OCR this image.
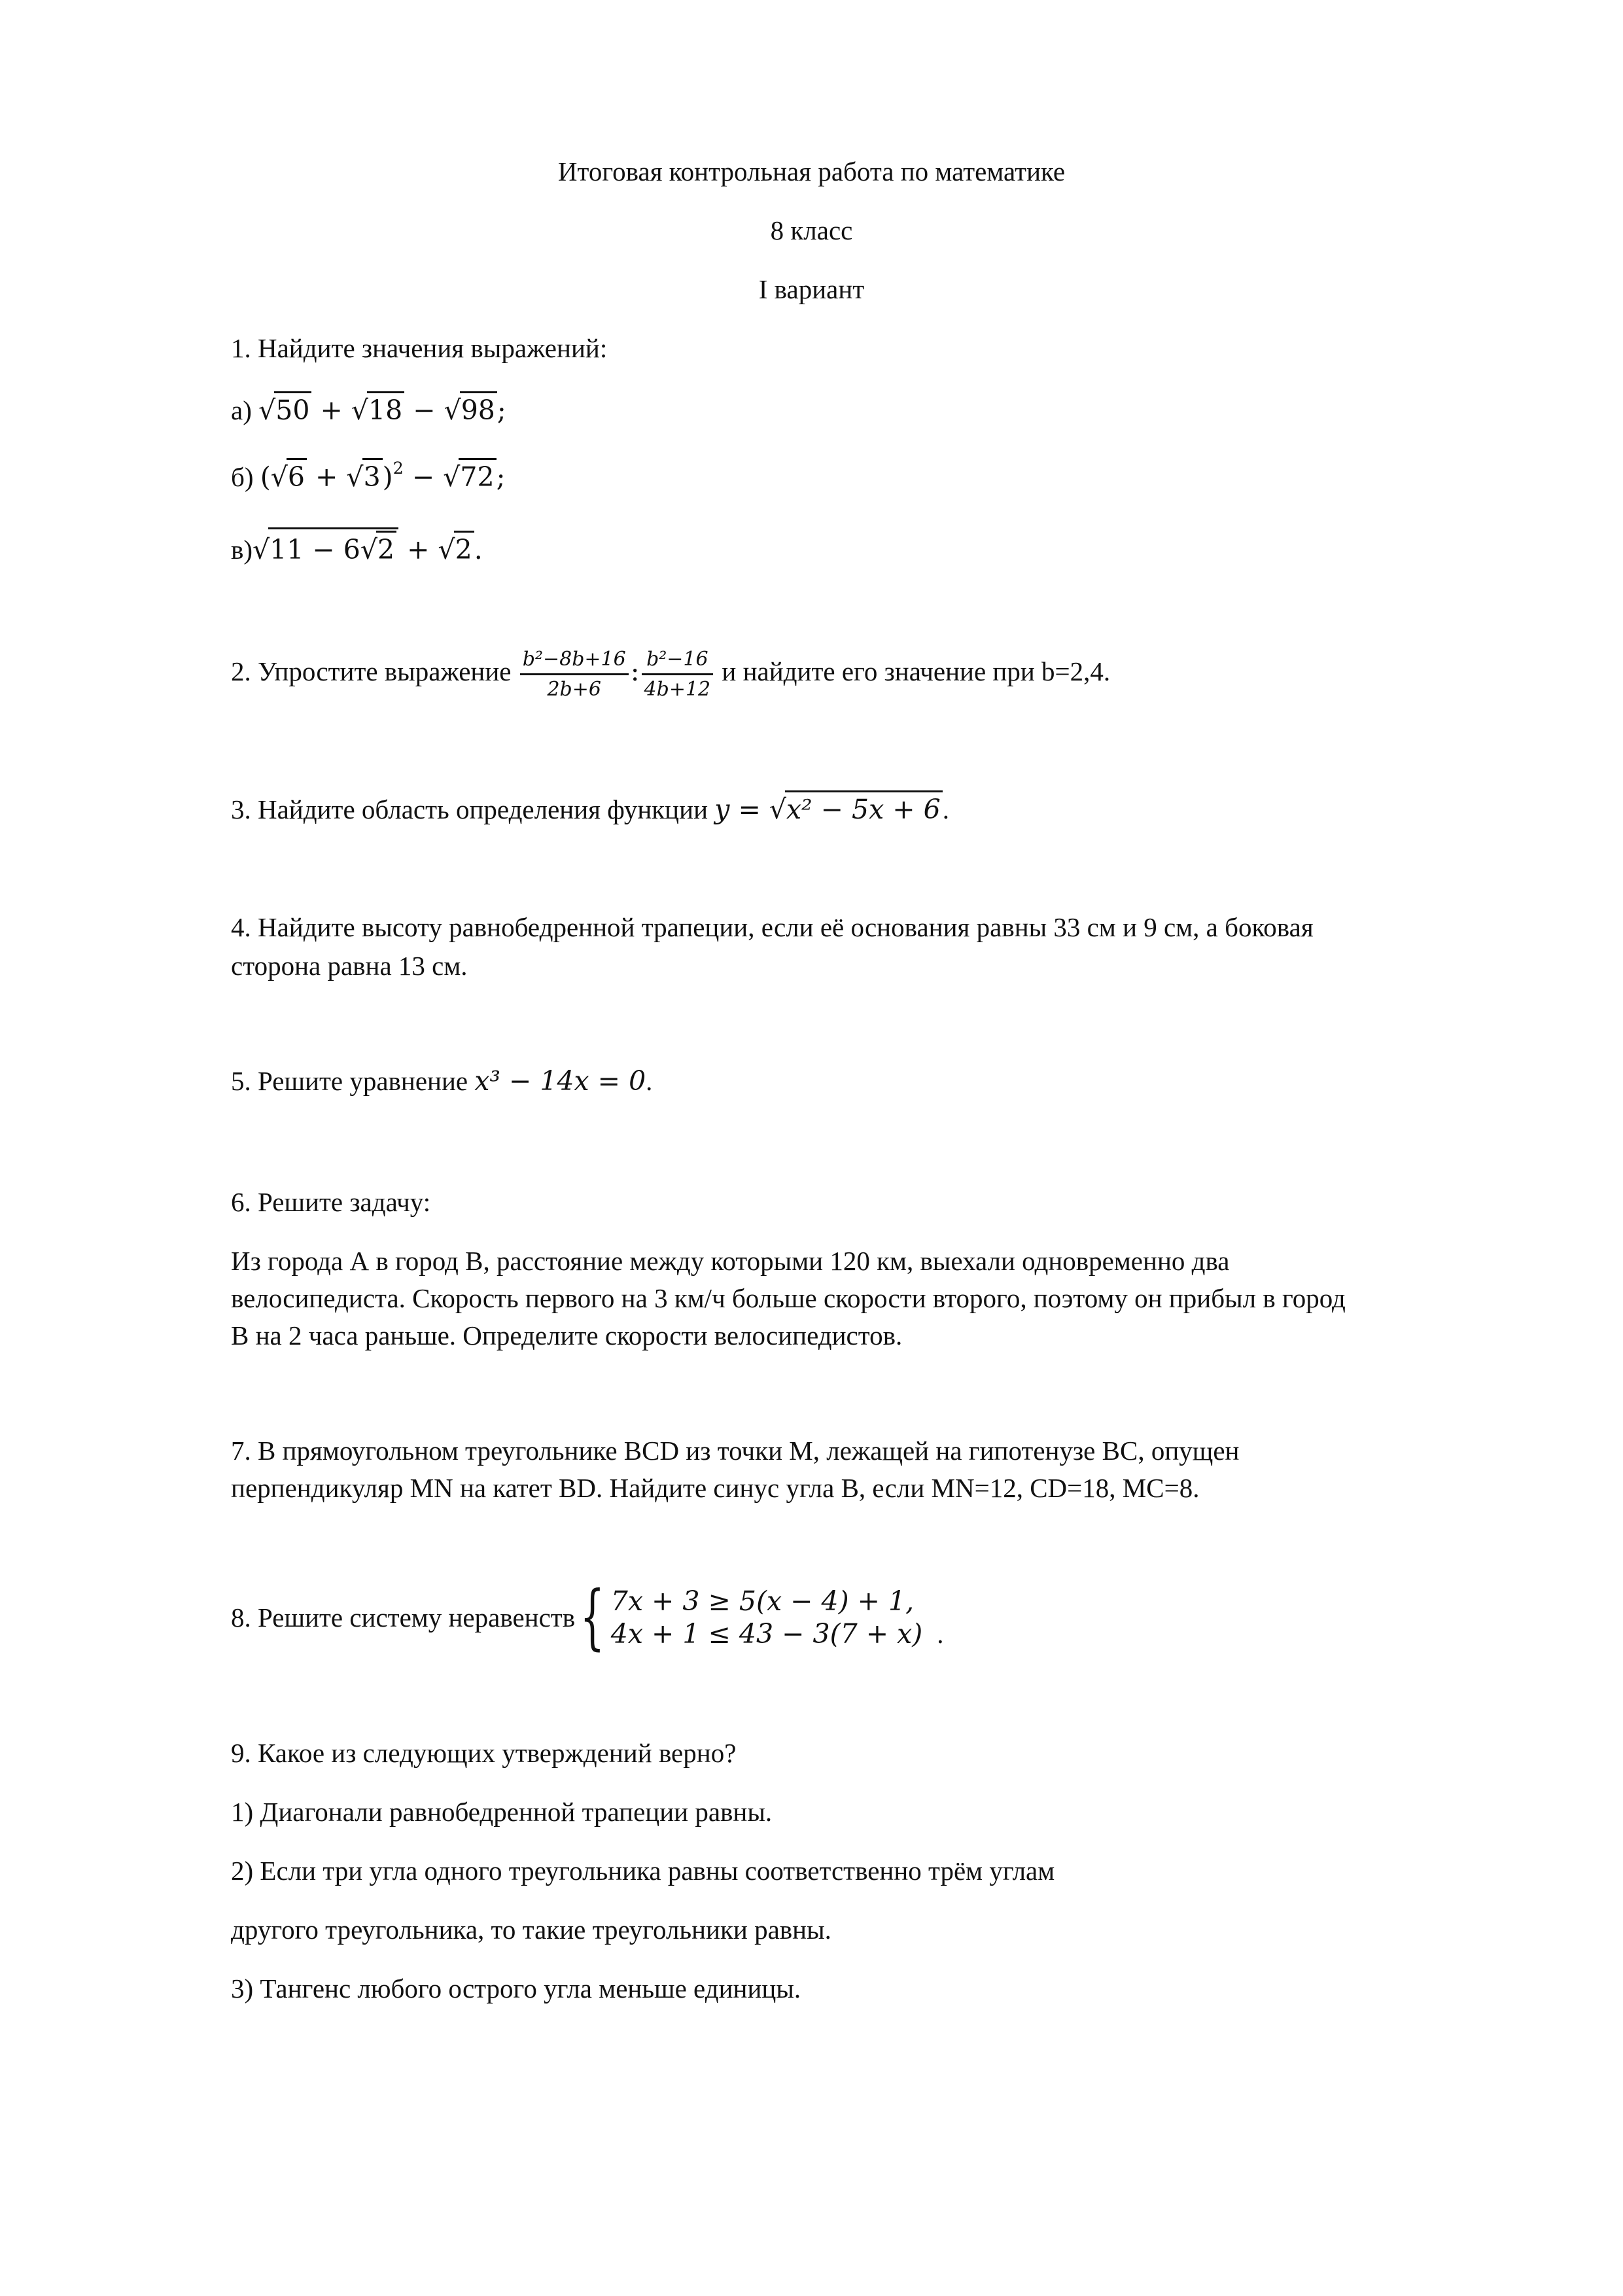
Итоговая контрольная работа по математике
8 класс
I вариант
1. Найдите значения выражений:
а) √50 + √18 − √98;
б) $(√6 + √3)^2 - √72$;
в)√11 − 6√2 + √2.
2. Упростите выражение $\frac{\text{b²−8b+16}}{2b+6}$ : $\frac{\text{b²−16}}{4b+12}$ и найдите его значение при b=2,4.
3. Найдите область определения функции y = √x² − 5x + 6.
4. Найдите высоту равнобедренной трапеции, если её основания равны 33 см и 9 см, а боковая
сторона равна 13 см.
5. Решите уравнение x³ − 14x = 0.
6. Решите задачу:
Из города А в город В, расстояние между которыми 120 км, выехали одновременно два
велосипедиста. Скорость первого на 3 км/ч больше скорости второго, поэтому он прибыл в город
В на 2 часа раньше. Определите скорости велосипедистов.
7. В прямоугольном треугольнике BCD из точки M, лежащей на гипотенузе BC, опущен
перпендикуляр MN на катет BD. Найдите синус угла B, если MN=12, CD=18, MC=8.
8. Решите систему неравенств{ 7x + 3 ≥ 5(x − 4) + 1,
4x + 1 ≤ 43 − 3(7 + x) .
9. Какое из следующих утверждений верно?
1) Диагонали равнобедренной трапеции равны.
2) Если три угла одного треугольника равны соответственно трём углам
другого треугольника, то такие треугольники равны.
3) Тангенс любого острого угла меньше единицы.
